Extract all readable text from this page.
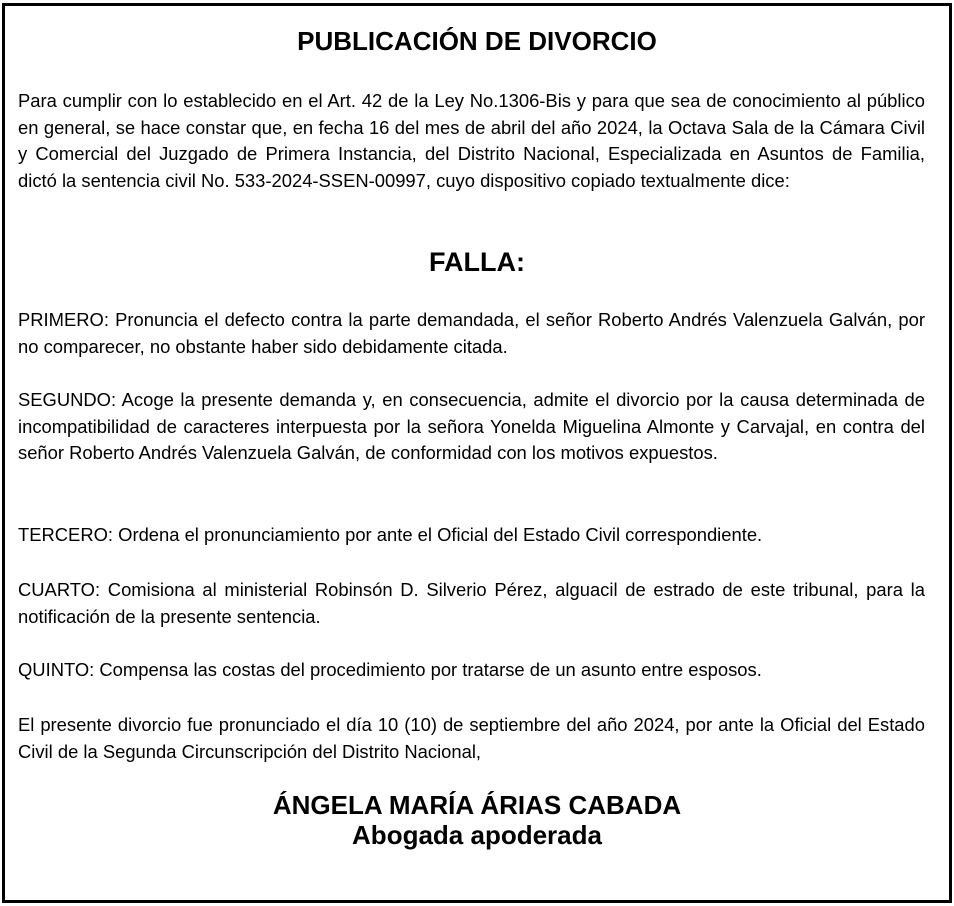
PUBLICACIÓN DE DIVORCIO

Para cumplir con lo establecido en el Art. 42 de la Ley No.1306-Bis y para que sea de conocimiento al público en general, se hace constar que, en fecha 16 del mes de abril del año 2024, la Octava Sala de la Cámara Civil y Comercial del Juzgado de Primera Instancia, del Distrito Nacional, Especializada en Asuntos de Familia, dictó la sentencia civil No. 533-2024-SSEN-00997, cuyo dispositivo copiado textualmente dice:

FALLA:

PRIMERO: Pronuncia el defecto contra la parte demandada, el señor Roberto Andrés Valenzuela Galván, por no comparecer, no obstante haber sido debidamente citada.

SEGUNDO: Acoge la presente demanda y, en consecuencia, admite el divorcio por la causa determinada de incompatibilidad de caracteres interpuesta por la señora Yonelda Miguelina Almonte y Carvajal, en contra del señor Roberto Andrés Valenzuela Galván, de conformidad con los motivos expuestos.

TERCERO: Ordena el pronunciamiento por ante el Oficial del Estado Civil correspondiente.

CUARTO: Comisiona al ministerial Robinsón D. Silverio Pérez, alguacil de estrado de este tribunal, para la notificación de la presente sentencia.

QUINTO: Compensa las costas del procedimiento por tratarse de un asunto entre esposos.

El presente divorcio fue pronunciado el día 10 (10) de septiembre del año 2024, por ante la Oficial del Estado Civil de la Segunda Circunscripción del Distrito Nacional,

ÁNGELA MARÍA ÁRIAS CABADA

Abogada apoderada
